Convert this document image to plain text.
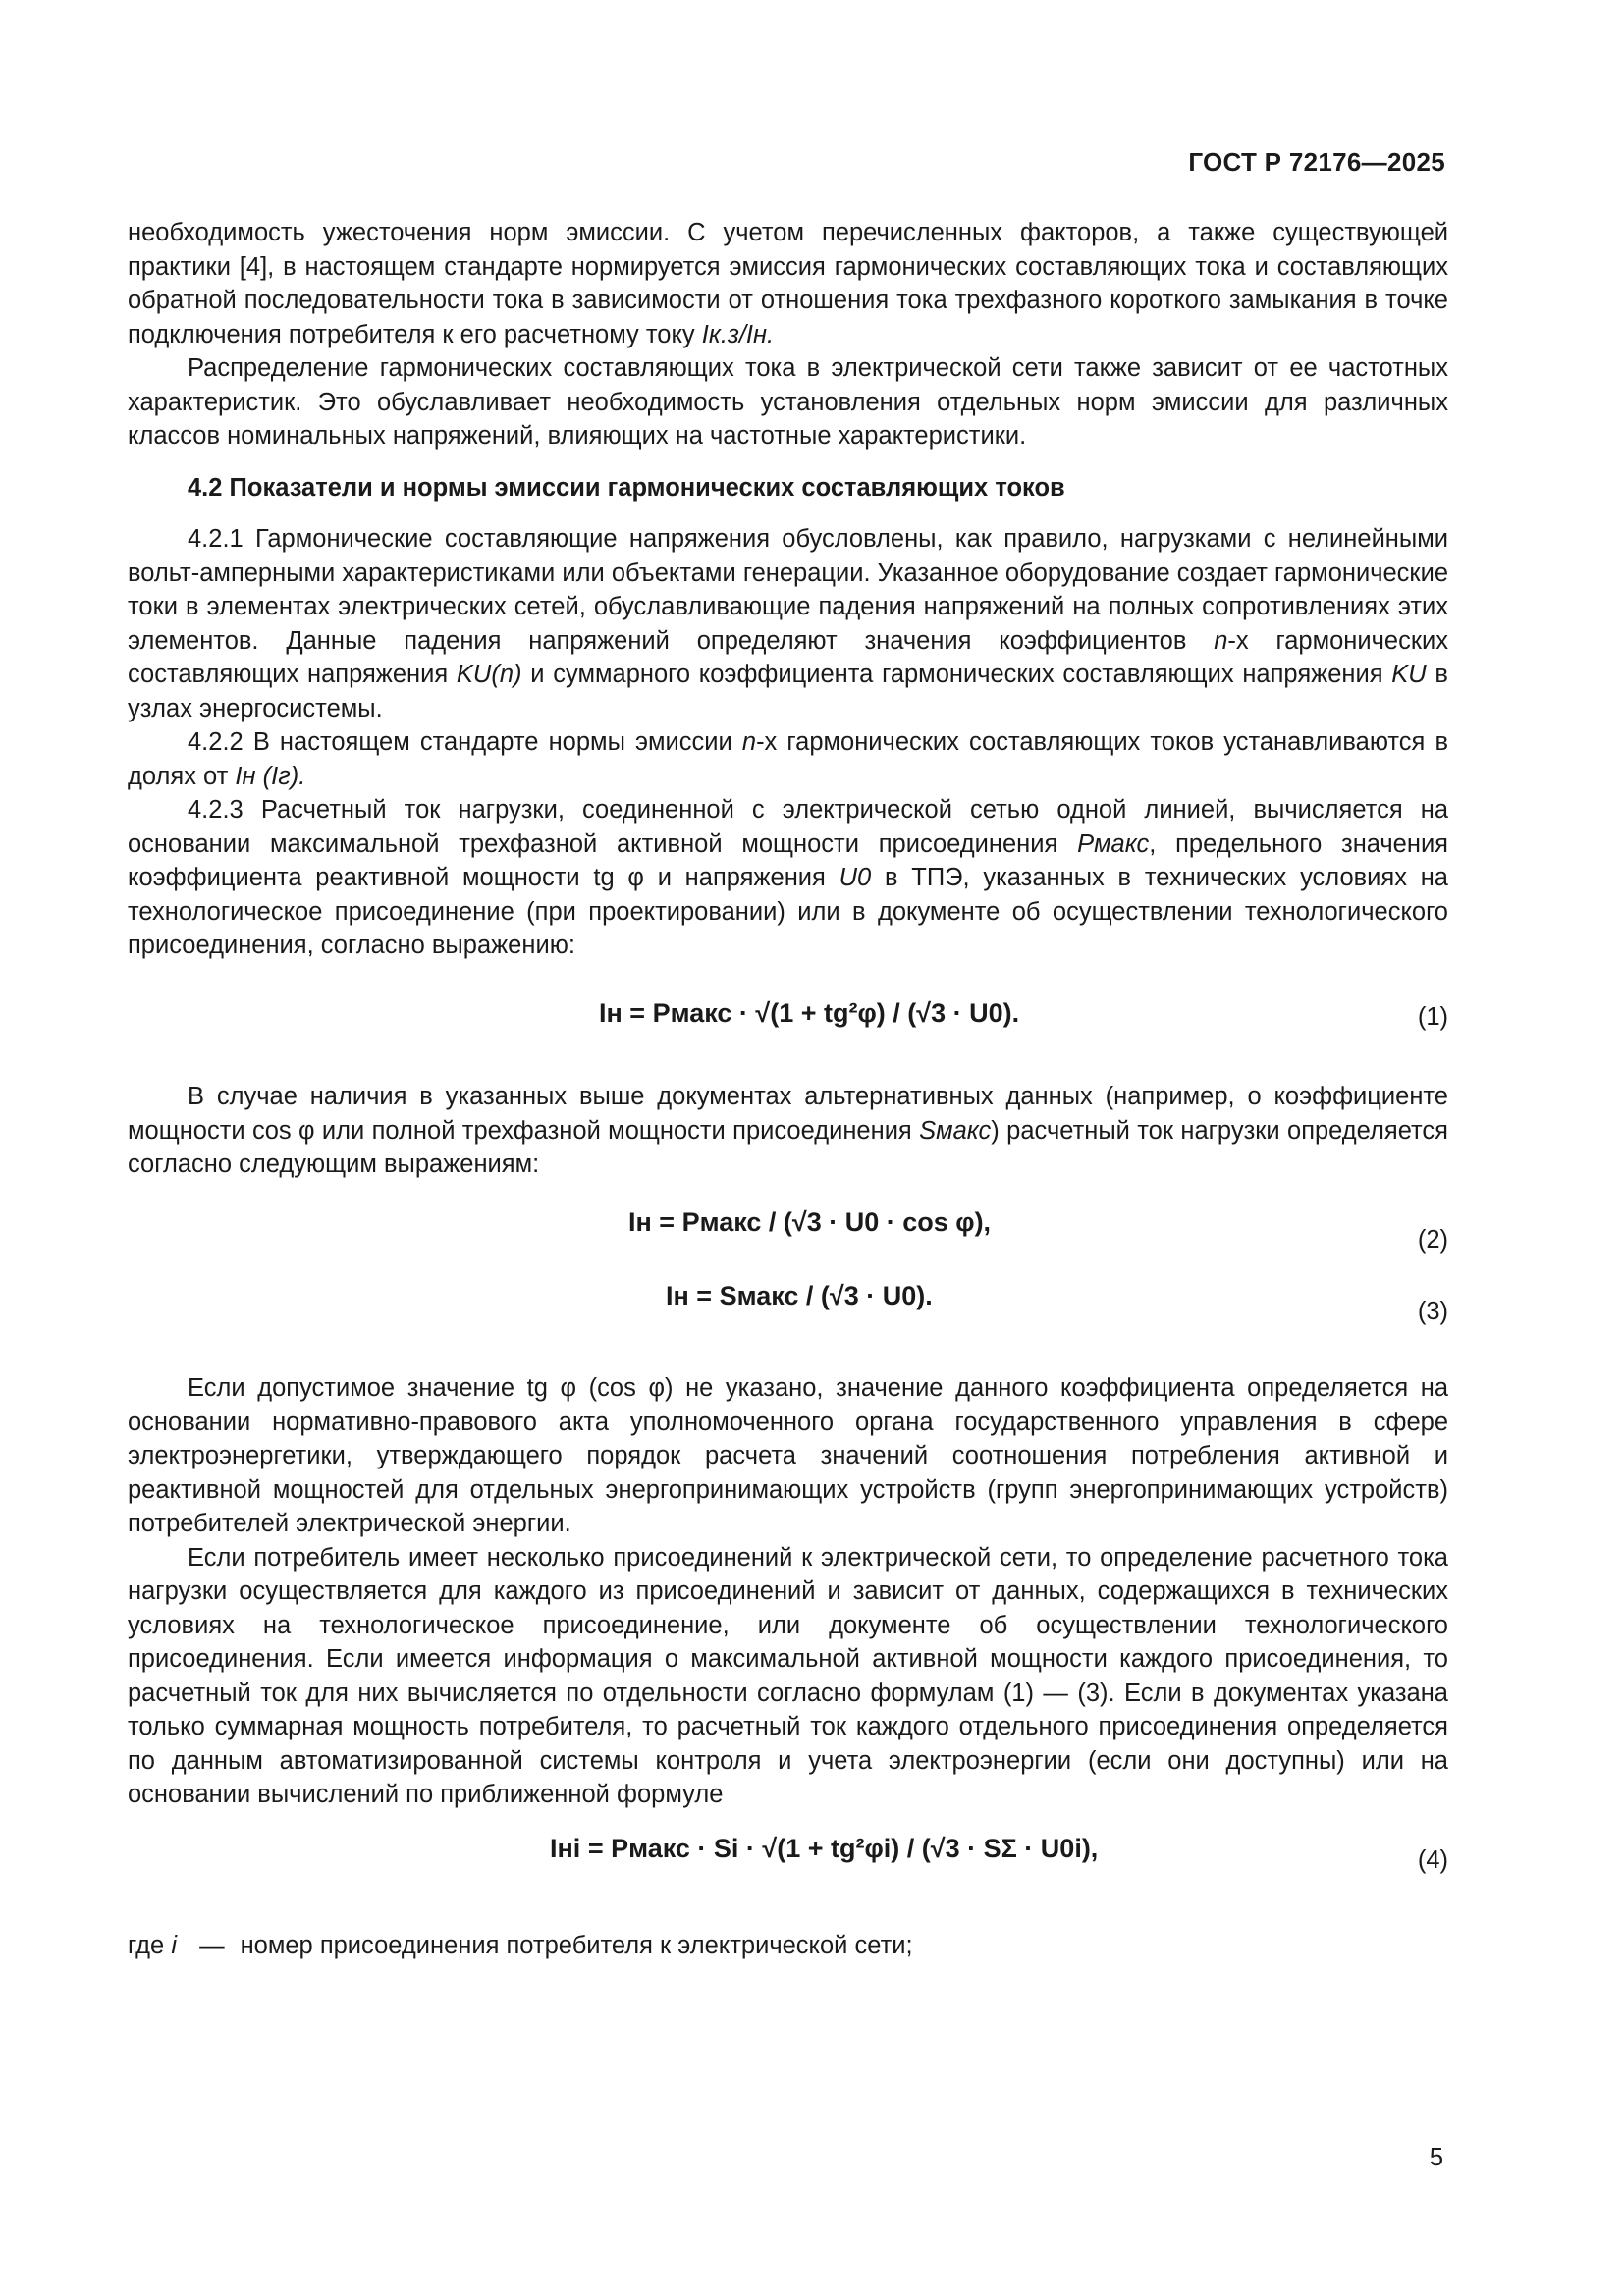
ГОСТ Р 72176—2025

необходимость ужесточения норм эмиссии. С учетом перечисленных факторов, а также существующей практики [4], в настоящем стандарте нормируется эмиссия гармонических составляющих тока и составляющих обратной последовательности тока в зависимости от отношения тока трехфазного короткого замыкания в точке подключения потребителя к его расчетному току Iк.з/Iн.

Распределение гармонических составляющих тока в электрической сети также зависит от ее частотных характеристик. Это обуславливает необходимость установления отдельных норм эмиссии для различных классов номинальных напряжений, влияющих на частотные характеристики.

4.2 Показатели и нормы эмиссии гармонических составляющих токов

4.2.1 Гармонические составляющие напряжения обусловлены, как правило, нагрузками с нелинейными вольт-амперными характеристиками или объектами генерации. Указанное оборудование создает гармонические токи в элементах электрических сетей, обуславливающие падения напряжений на полных сопротивлениях этих элементов. Данные падения напряжений определяют значения коэффициентов n-х гармонических составляющих напряжения KU(n) и суммарного коэффициента гармонических составляющих напряжения KU в узлах энергосистемы.

4.2.2 В настоящем стандарте нормы эмиссии n-х гармонических составляющих токов устанавливаются в долях от Iн (Iг).

4.2.3 Расчетный ток нагрузки, соединенной с электрической сетью одной линией, вычисляется на основании максимальной трехфазной активной мощности присоединения Pмакс, предельного значения коэффициента реактивной мощности tg φ и напряжения U0 в ТПЭ, указанных в технических условиях на технологическое присоединение (при проектировании) или в документе об осуществлении технологического присоединения, согласно выражению:

Iн = Pмакс · √(1 + tg²φ) / (√3 · U0).	(1)

В случае наличия в указанных выше документах альтернативных данных (например, о коэффициенте мощности cos φ или полной трехфазной мощности присоединения Sмакс) расчетный ток нагрузки определяется согласно следующим выражениям:

Iн = Pмакс / (√3 · U0 · cos φ),
(2)
Iн = Sмакс / (√3 · U0).
(3)

Если допустимое значение tg φ (cos φ) не указано, значение данного коэффициента определяется на основании нормативно-правового акта уполномоченного органа государственного управления в сфере электроэнергетики, утверждающего порядок расчета значений соотношения потребления активной и реактивной мощностей для отдельных энергопринимающих устройств (групп энергопринимающих устройств) потребителей электрической энергии.

Если потребитель имеет несколько присоединений к электрической сети, то определение расчетного тока нагрузки осуществляется для каждого из присоединений и зависит от данных, содержащихся в технических условиях на технологическое присоединение, или документе об осуществлении технологического присоединения. Если имеется информация о максимальной активной мощности каждого присоединения, то расчетный ток для них вычисляется по отдельности согласно формулам (1) — (3). Если в документах указана только суммарная мощность потребителя, то расчетный ток каждого отдельного присоединения определяется по данным автоматизированной системы контроля и учета электроэнергии (если они доступны) или на основании вычислений по приближенной формуле

Iнi = Pмакс · Si · √(1 + tg²φi) / (√3 · SΣ · U0i),	(4)

где i — номер присоединения потребителя к электрической сети;

5
